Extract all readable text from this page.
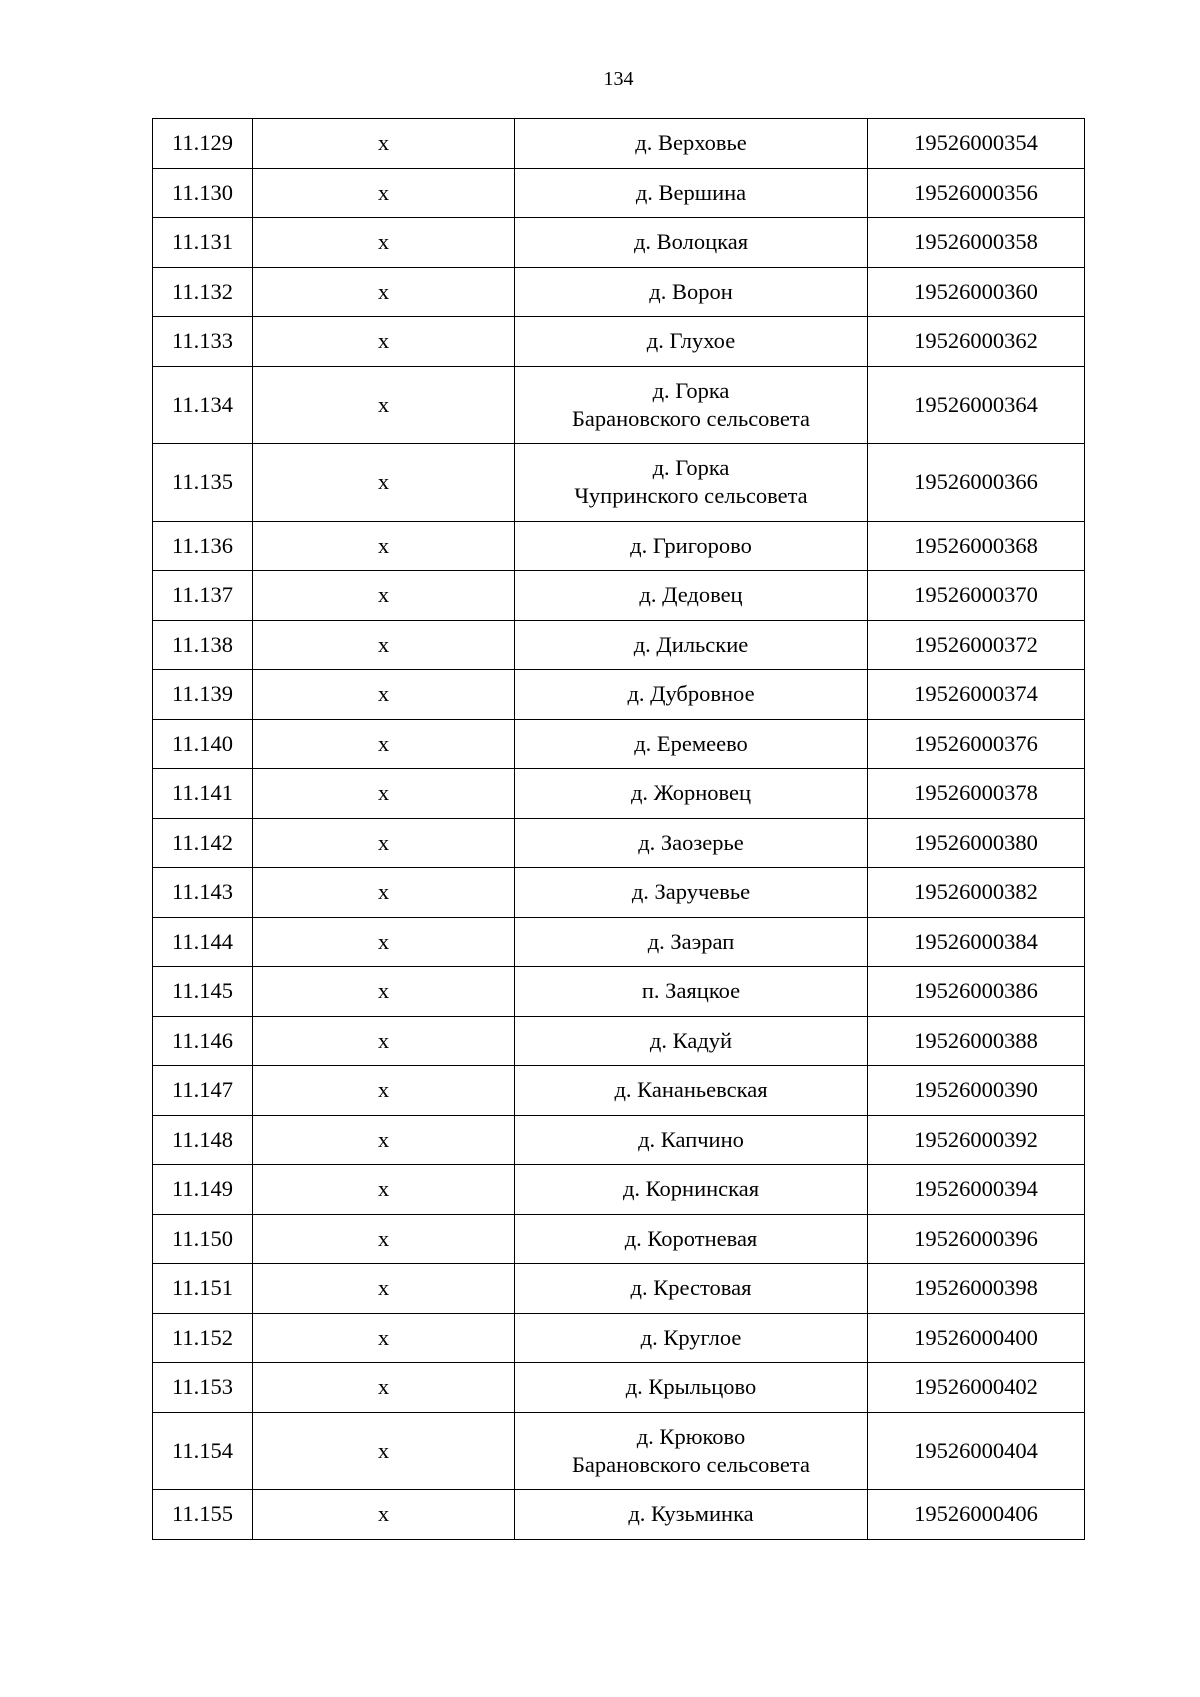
134
11.129	х	д. Верховье	19526000354
11.130	х	д. Вершина	19526000356
11.131	х	д. Волоцкая	19526000358
11.132	х	д. Ворон	19526000360
11.133	х	д. Глухое	19526000362
11.134	х	д. Горка
Барановского сельсовета	19526000364
11.135	х	д. Горка
Чупринского сельсовета	19526000366
11.136	х	д. Григорово	19526000368
11.137	х	д. Дедовец	19526000370
11.138	х	д. Дильские	19526000372
11.139	х	д. Дубровное	19526000374
11.140	х	д. Еремеево	19526000376
11.141	х	д. Жорновец	19526000378
11.142	х	д. Заозерье	19526000380
11.143	х	д. Заручевье	19526000382
11.144	х	д. Заэрап	19526000384
11.145	х	п. Заяцкое	19526000386
11.146	х	д. Кадуй	19526000388
11.147	х	д. Кананьевская	19526000390
11.148	х	д. Капчино	19526000392
11.149	х	д. Корнинская	19526000394
11.150	х	д. Коротневая	19526000396
11.151	х	д. Крестовая	19526000398
11.152	х	д. Круглое	19526000400
11.153	х	д. Крыльцово	19526000402
11.154	х	д. Крюково
Барановского сельсовета	19526000404
11.155	х	д. Кузьминка	19526000406
